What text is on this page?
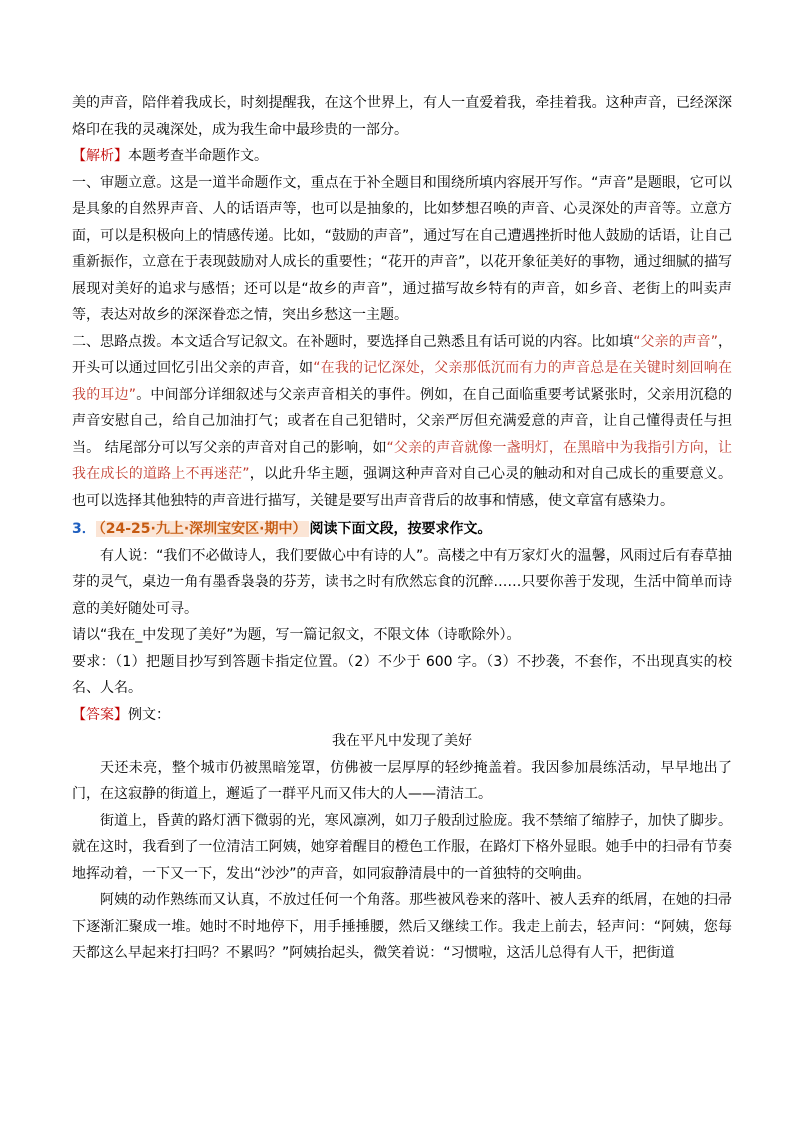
美的声音，陪伴着我成长，时刻提醒我，在这个世界上，有人一直爱着我，牵挂着我。这种声音，已经深深烙印在我的灵魂深处，成为我生命中最珍贵的一部分。

【解析】本题考查半命题作文。

一、审题立意。这是一道半命题作文，重点在于补全题目和围绕所填内容展开写作。“声音”是题眼，它可以是具象的自然界声音、人的话语声等，也可以是抽象的，比如梦想召唤的声音、心灵深处的声音等。立意方面，可以是积极向上的情感传递。比如，“鼓励的声音”，通过写在自己遭遇挫折时他人鼓励的话语，让自己重新振作，立意在于表现鼓励对人成长的重要性；“花开的声音”，以花开象征美好的事物，通过细腻的描写展现对美好的追求与感悟；还可以是“故乡的声音”，通过描写故乡特有的声音，如乡音、老街上的叫卖声等，表达对故乡的深深眷恋之情，突出乡愁这一主题。

二、思路点拨。本文适合写记叙文。在补题时，要选择自己熟悉且有话可说的内容。比如填“父亲的声音”，开头可以通过回忆引出父亲的声音，如“在我的记忆深处，父亲那低沉而有力的声音总是在关键时刻回响在我的耳边”。中间部分详细叙述与父亲声音相关的事件。例如，在自己面临重要考试紧张时，父亲用沉稳的声音安慰自己，给自己加油打气；或者在自己犯错时，父亲严厉但充满爱意的声音，让自己懂得责任与担当。 结尾部分可以写父亲的声音对自己的影响，如“父亲的声音就像一盏明灯，在黑暗中为我指引方向，让我在成长的道路上不再迷茫”，以此升华主题，强调这种声音对自己心灵的触动和对自己成长的重要意义。 也可以选择其他独特的声音进行描写，关键是要写出声音背后的故事和情感，使文章富有感染力。

3． （24-25·九上·深圳宝安区·期中） 阅读下面文段，按要求作文。

有人说：“我们不必做诗人，我们要做心中有诗的人”。高楼之中有万家灯火的温馨，风雨过后有春草抽芽的灵气，桌边一角有墨香袅袅的芬芳，读书之时有欣然忘食的沉醉……只要你善于发现，生活中简单而诗意的美好随处可寻。

请以“我在_中发现了美好”为题，写一篇记叙文，不限文体（诗歌除外）。

要求：（1）把题目抄写到答题卡指定位置。（2）不少于 600 字。（3）不抄袭，不套作，不出现真实的校名、人名。

【答案】例文：

我在平凡中发现了美好

天还未亮，整个城市仍被黑暗笼罩，仿佛被一层厚厚的轻纱掩盖着。我因参加晨练活动，早早地出了门，在这寂静的街道上，邂逅了一群平凡而又伟大的人——清洁工。

街道上，昏黄的路灯洒下微弱的光，寒风凛冽，如刀子般刮过脸庞。我不禁缩了缩脖子，加快了脚步。就在这时，我看到了一位清洁工阿姨，她穿着醒目的橙色工作服，在路灯下格外显眼。她手中的扫帚有节奏地挥动着，一下又一下，发出“沙沙”的声音，如同寂静清晨中的一首独特的交响曲。

阿姨的动作熟练而又认真，不放过任何一个角落。那些被风卷来的落叶、被人丢弃的纸屑，在她的扫帚下逐渐汇聚成一堆。她时不时地停下，用手捶捶腰，然后又继续工作。我走上前去，轻声问：“阿姨，您每天都这么早起来打扫吗？不累吗？”阿姨抬起头，微笑着说：“习惯啦，这活儿总得有人干，把街道
